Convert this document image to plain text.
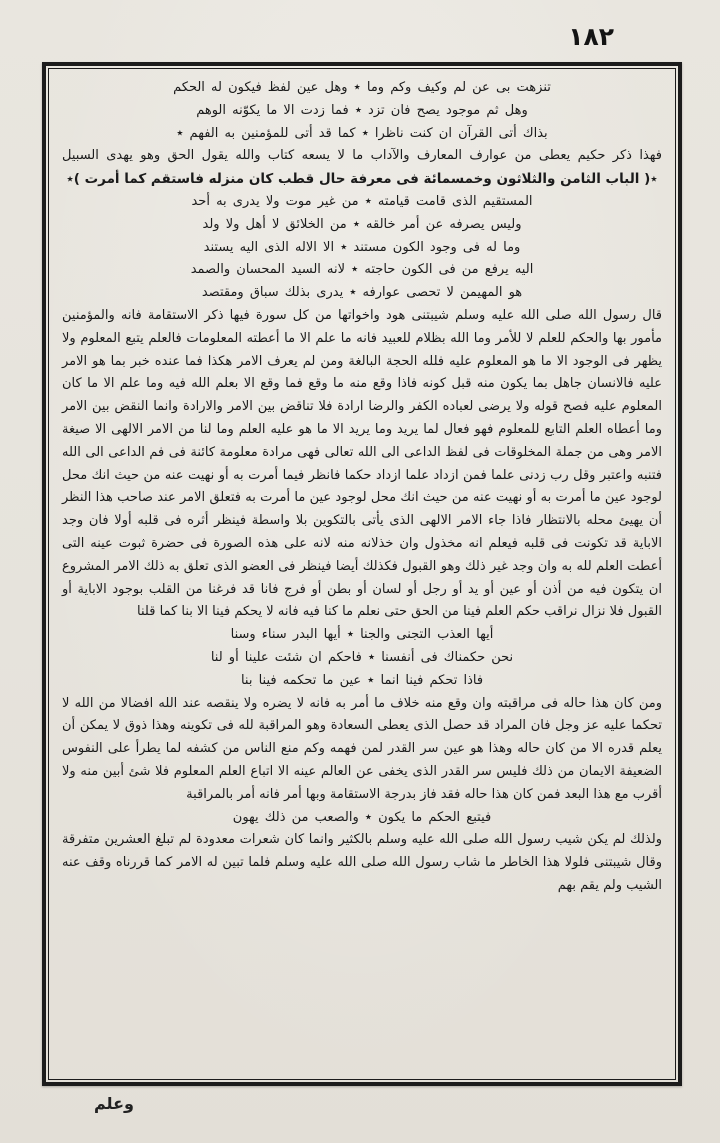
١٨٢
تنزهت بى عن لم وكيف وكم وما ٭ وهل عين لفظ فيكون له الحكم
وهل ثم موجود يصح فان تزد ٭ فما زدت الا ما يكوّنه الوهم
بذاك أتى القرآن ان كنت ناظرا ٭ كما قد أتى للمؤمنين به الفهم ٭
فهذا ذكر حكيم يعطى من عوارف المعارف والآداب ما لا يسعه كتاب والله يقول الحق وهو يهدى السبيل
٭( الباب الثامن والثلاثون وخمسمائة فى معرفة حال قطب كان منزله فاستقم كما أمرت )٭
المستقيم الذى قامت قيامته ٭ من غير موت ولا يدرى به أحد
وليس يصرفه عن أمر خالقه ٭ من الخلائق لا أهل ولا ولد
وما له فى وجود الكون مستند ٭ الا الاله الذى اليه يستند
اليه يرفع من فى الكون حاجته ٭ لانه السيد المحسان والصمد
هو المهيمن لا تحصى عوارفه ٭ يدرى بذلك سباق ومقتصد
قال رسول الله صلى الله عليه وسلم شيبتنى هود واخواتها من كل سورة فيها ذكر الاستقامة فانه والمؤمنين مأمور بها والحكم للعلم لا للأمر وما الله بظلام للعبيد فانه ما علم الا ما أعطته المعلومات فالعلم يتبع المعلوم ولا يظهر فى الوجود الا ما هو المعلوم عليه فلله الحجة البالغة ومن لم يعرف الامر هكذا فما عنده خبر بما هو الامر عليه فالانسان جاهل بما يكون منه قبل كونه فاذا وقع منه ما وقع فما وقع الا بعلم الله فيه وما علم الا ما كان المعلوم عليه فصح قوله ولا يرضى لعباده الكفر والرضا ارادة فلا تناقض بين الامر والارادة وانما النقض بين الامر وما أعطاه العلم التابع للمعلوم فهو فعال لما يريد وما يريد الا ما هو عليه العلم وما لنا من الامر الالهى الا صيغة الامر وهى من جملة المخلوقات فى لفظ الداعى الى الله تعالى فهى مرادة معلومة كائنة فى فم الداعى الى الله فتنبه واعتبر وقل رب زدنى علما فمن ازداد علما ازداد حكما فانظر فيما أمرت به أو نهيت عنه من حيث انك محل لوجود عين ما أمرت به أو نهيت عنه من حيث انك محل لوجود عين ما أمرت به فتعلق الامر عند صاحب هذا النظر أن يهيئ محله بالانتظار فاذا جاء الامر الالهى الذى يأتى بالتكوين بلا واسطة فينظر أثره فى قلبه أولا فان وجد الاباية قد تكونت فى قلبه فيعلم انه مخذول وان خذلانه منه لانه على هذه الصورة فى حضرة ثبوت عينه التى أعطت العلم لله به وان وجد غير ذلك وهو القبول فكذلك أيضا فينظر فى العضو الذى تعلق به ذلك الامر المشروع ان يتكون فيه من أذن أو عين أو يد أو رجل أو لسان أو بطن أو فرج فانا قد فرغنا من القلب بوجود الاباية أو القبول فلا نزال نراقب حكم العلم فينا من الحق حتى نعلم ما كنا فيه فانه لا يحكم فينا الا بنا كما قلنا
أيها العذب التجنى والجنا ٭ أيها البدر سناء وسنا
نحن حكمناك فى أنفسنا ٭ فاحكم ان شئت علينا أو لنا
فاذا تحكم فينا انما ٭ عين ما تحكمه فينا بنا
ومن كان هذا حاله فى مراقبته وان وقع منه خلاف ما أمر به فانه لا يضره ولا ينقصه عند الله افضالا من الله لا تحكما عليه عز وجل فان المراد قد حصل الذى يعطى السعادة وهو المراقبة لله فى تكوينه وهذا ذوق لا يمكن أن يعلم قدره الا من كان حاله وهذا هو عين سر القدر لمن فهمه وكم منع الناس من كشفه لما يطرأ على النفوس الضعيفة الايمان من ذلك فليس سر القدر الذى يخفى عن العالم عينه الا اتباع العلم المعلوم فلا شئ أبين منه ولا أقرب مع هذا البعد فمن كان هذا حاله فقد فاز بدرجة الاستقامة وبها أمر فانه أمر بالمراقبة
فيتبع الحكم ما يكون ٭ والصعب من ذلك يهون
ولذلك لم يكن شيب رسول الله صلى الله عليه وسلم بالكثير وانما كان شعرات معدودة لم تبلغ العشرين متفرقة وقال شيبتنى فلولا هذا الخاطر ما شاب رسول الله صلى الله عليه وسلم فلما تبين له الامر كما قررناه وقف عنه الشيب ولم يقم بهم
وعلم
